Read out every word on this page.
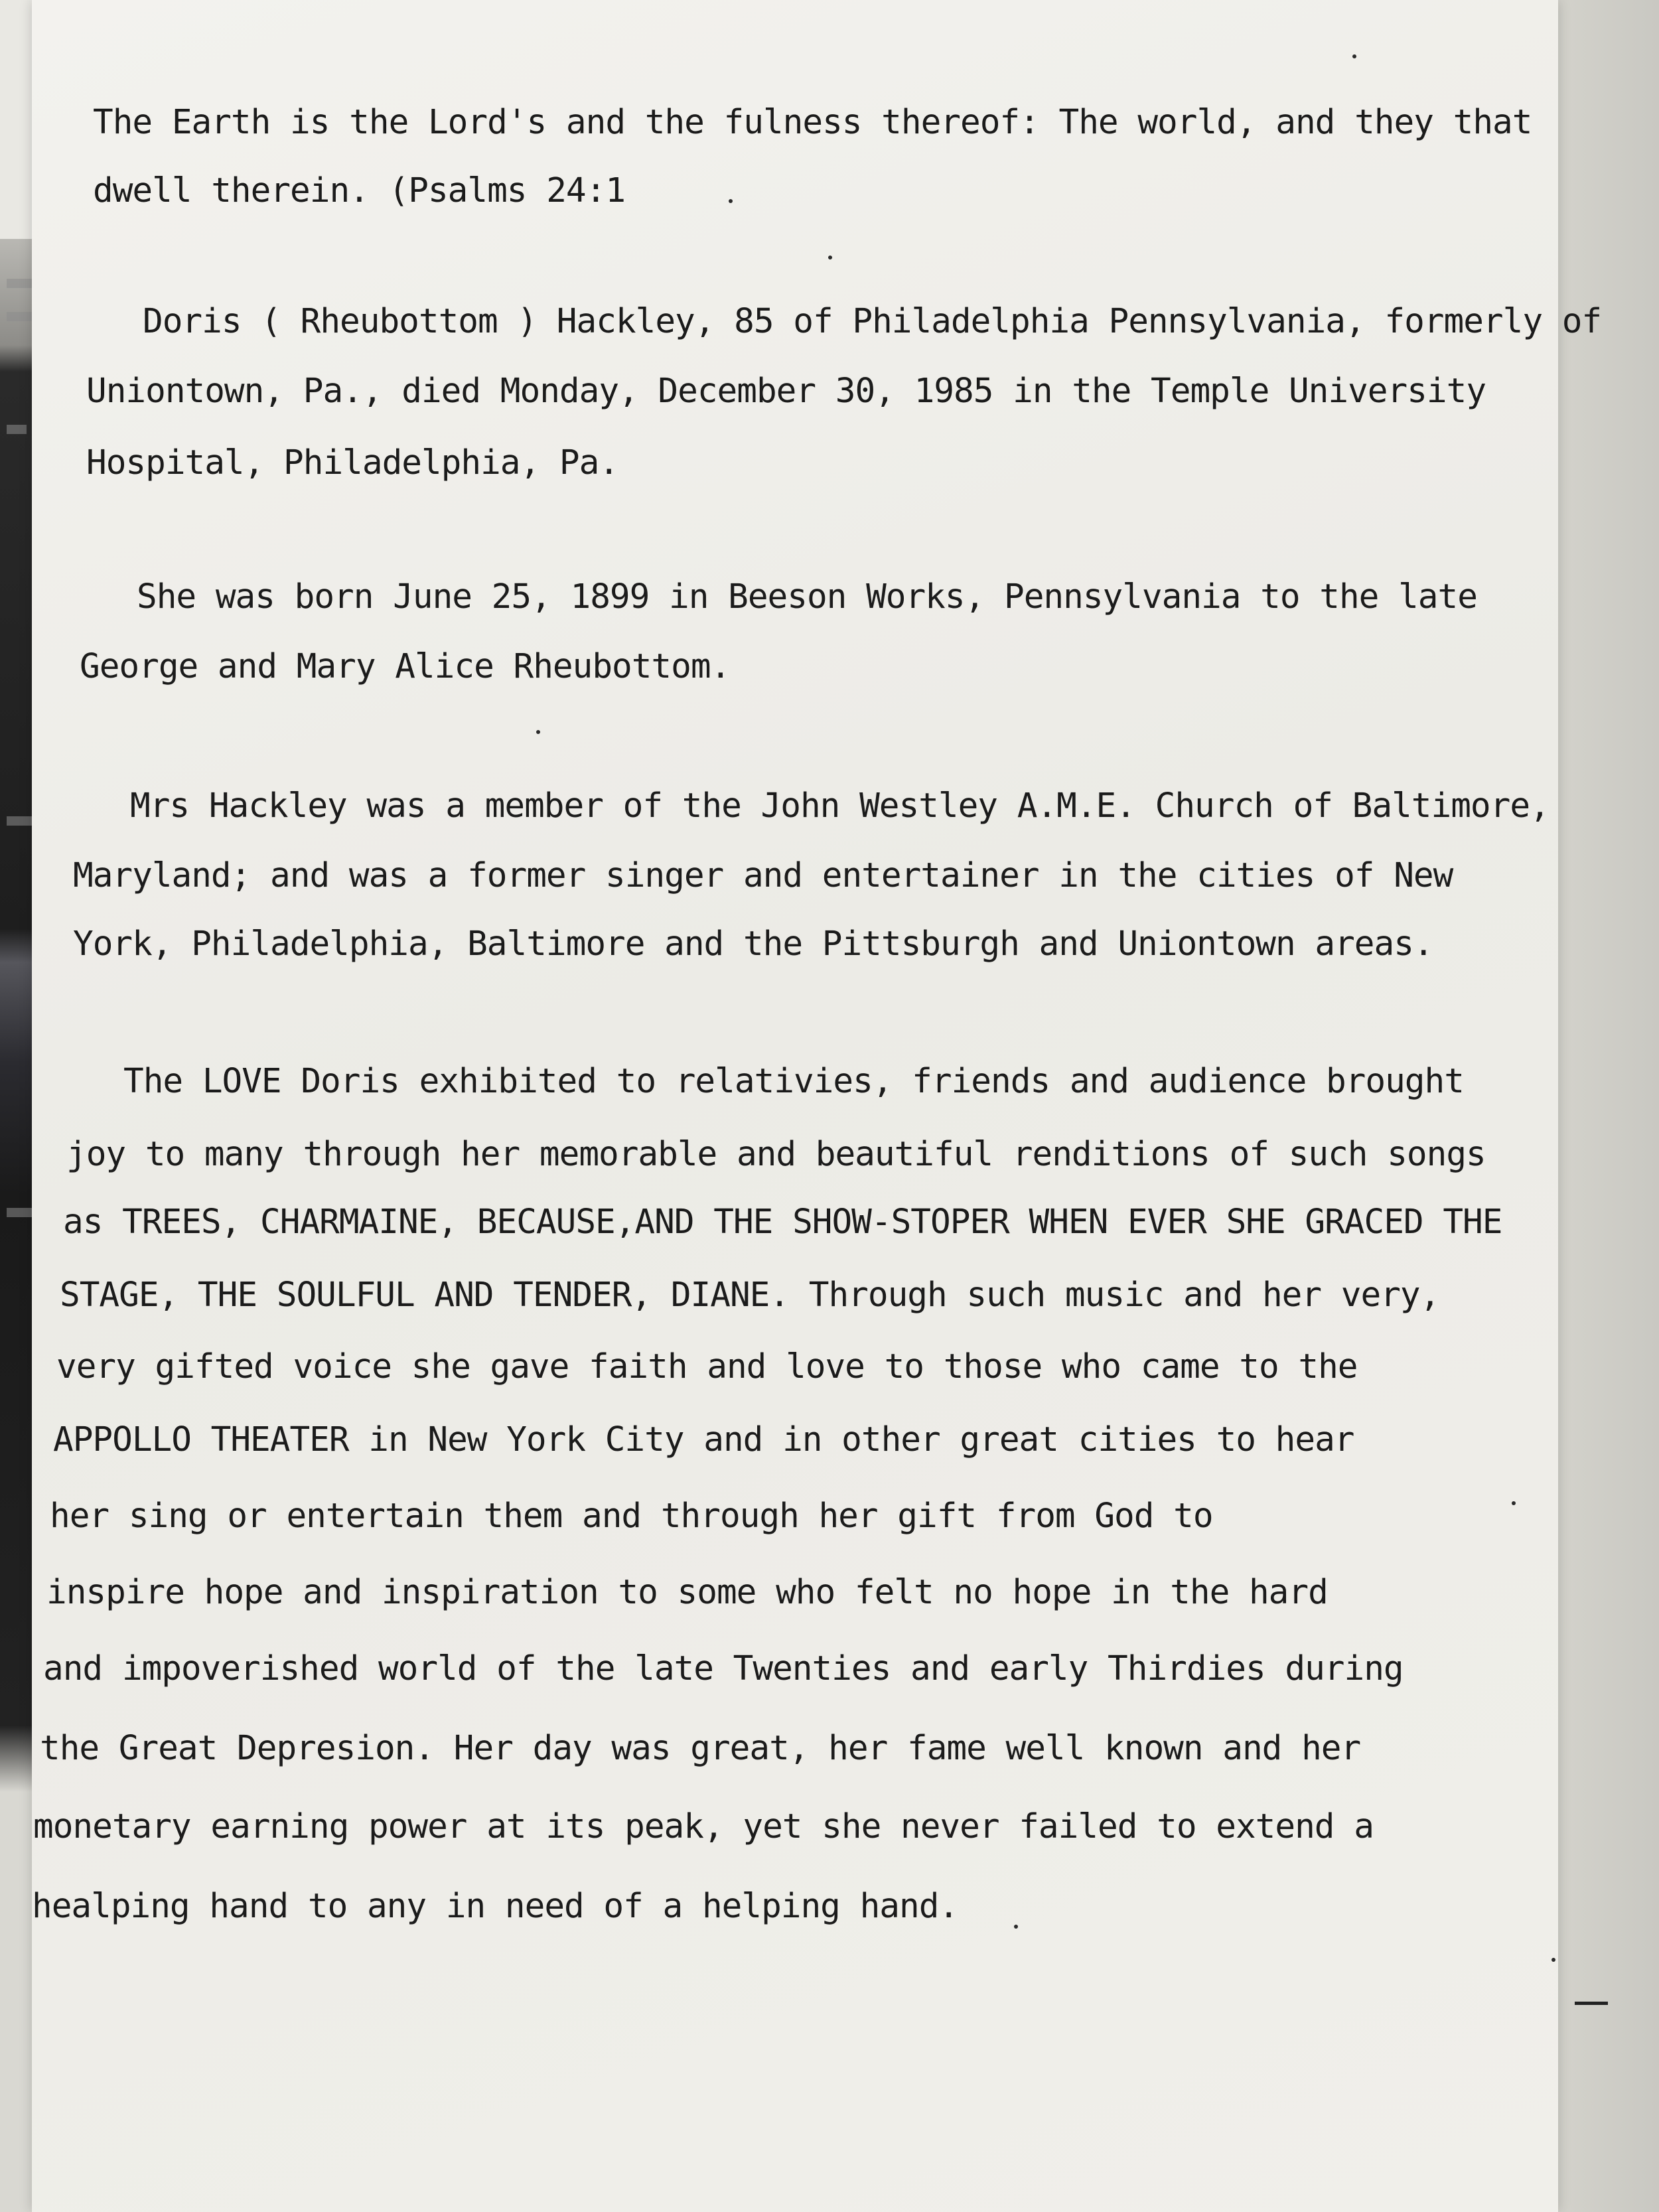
The Earth is the Lord's and the fulness thereof: The world, and they that
dwell therein. (Psalms 24:1
Doris ( Rheubottom ) Hackley, 85 of Philadelphia Pennsylvania, formerly of
Uniontown, Pa., died Monday, December 30, 1985 in the Temple University
Hospital, Philadelphia, Pa.
She was born June 25, 1899 in Beeson Works, Pennsylvania to the late
George and Mary Alice Rheubottom.
Mrs Hackley was a member of the John Westley A.M.E. Church of Baltimore,
Maryland; and was a former singer and entertainer in the cities of New
York, Philadelphia, Baltimore and the Pittsburgh and Uniontown areas.
The LOVE Doris exhibited to relativies, friends and audience brought
joy to many through her memorable and beautiful renditions of such songs
as TREES, CHARMAINE, BECAUSE,AND THE SHOW-STOPER WHEN EVER SHE GRACED THE
STAGE, THE SOULFUL AND TENDER, DIANE. Through such music and her very,
very gifted voice she gave faith and love to those who came to the
APPOLLO THEATER in New York City and in other great cities to hear
her sing or entertain them and through her gift from God to
inspire hope and inspiration to some who felt no hope in the hard
and impoverished world of the late Twenties and early Thirdies during
the Great Depresion. Her day was great, her fame well known and her
monetary earning power at its peak, yet she never failed to extend a
healping hand to any in need of a helping hand.
